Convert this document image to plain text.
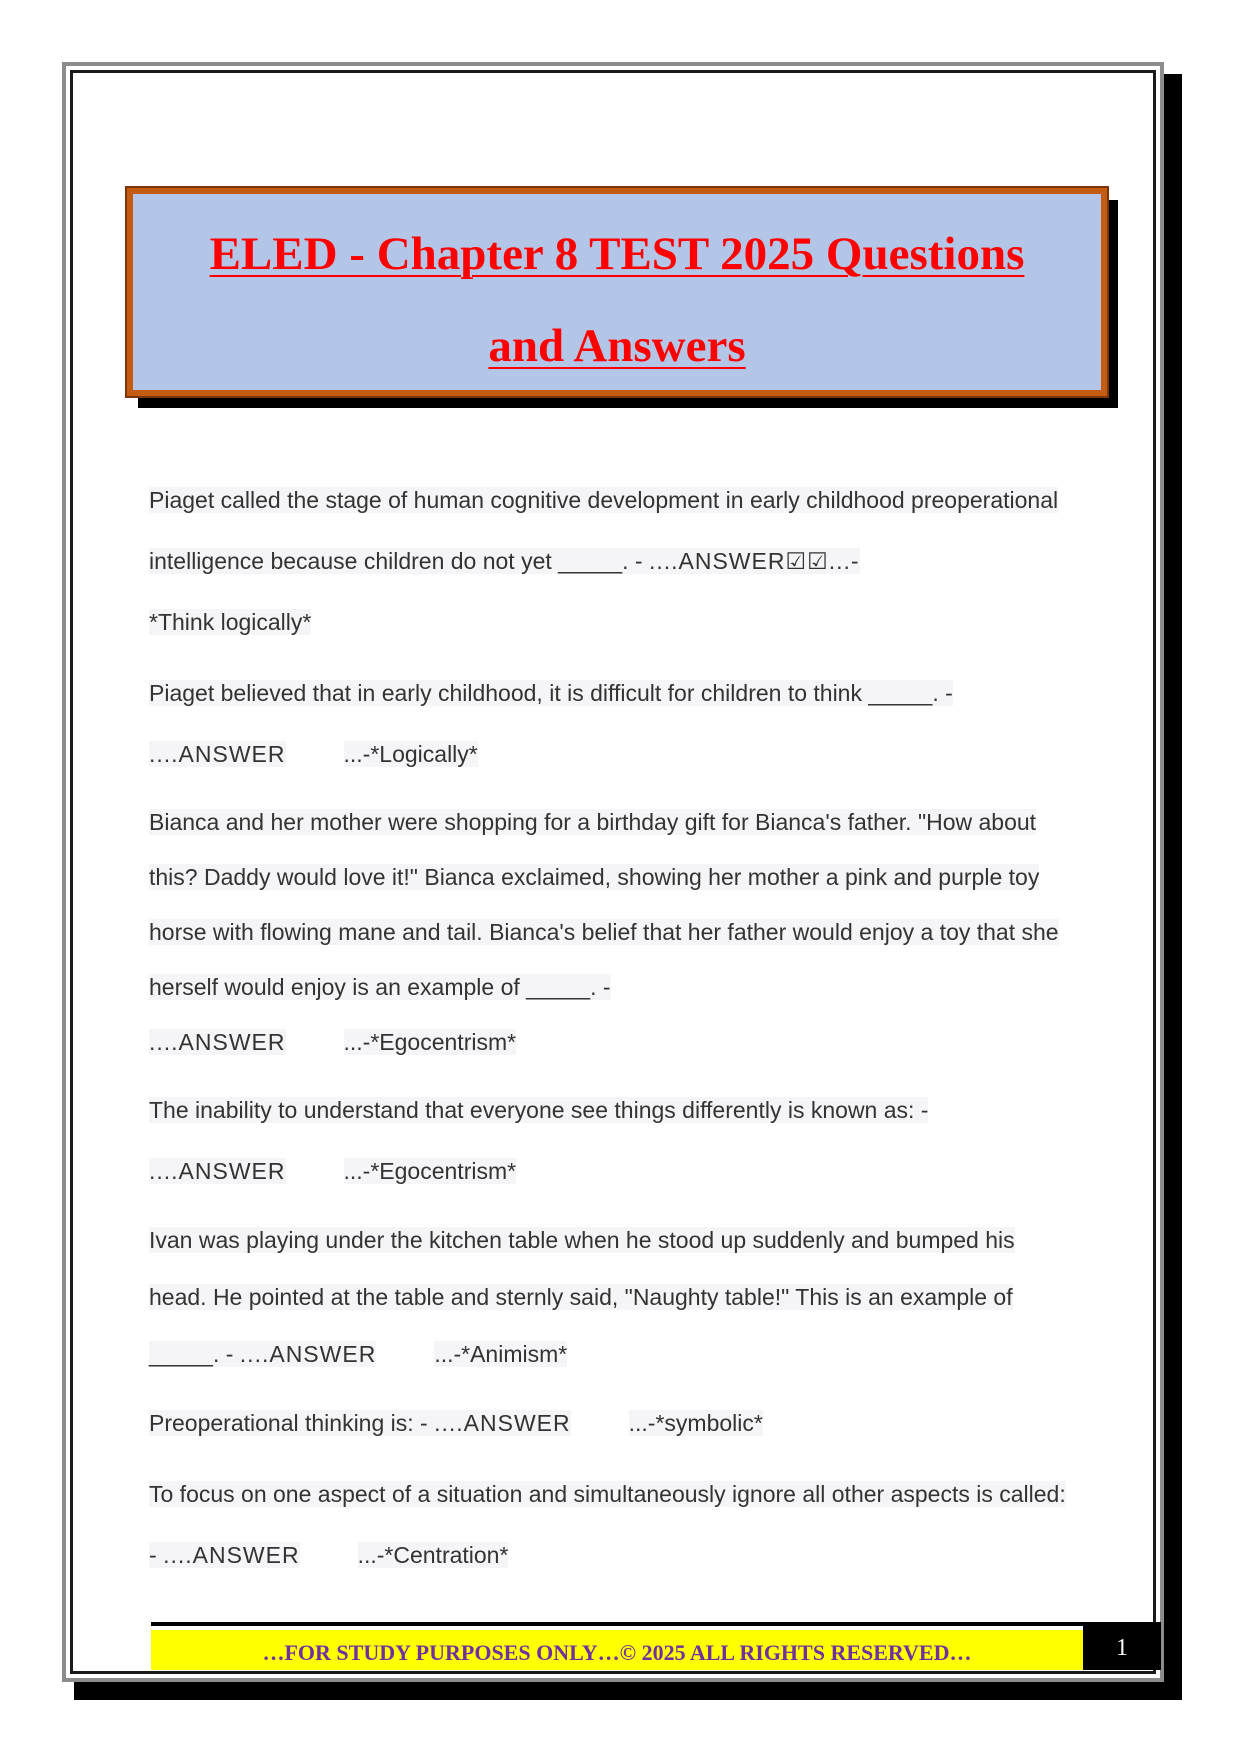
ELED - Chapter 8 TEST 2025 Questions
and Answers

Piaget called the stage of human cognitive development in early childhood preoperational intelligence because children do not yet _____. - ....ANSWER☑☑...-
*Think logically*

Piaget believed that in early childhood, it is difficult for children to think _____. -
....ANSWER	...-*Logically*

Bianca and her mother were shopping for a birthday gift for Bianca's father. "How about this? Daddy would love it!" Bianca exclaimed, showing her mother a pink and purple toy horse with flowing mane and tail. Bianca's belief that her father would enjoy a toy that she herself would enjoy is an example of _____. -
....ANSWER	...-*Egocentrism*

The inability to understand that everyone see things differently is known as: -
....ANSWER	...-*Egocentrism*

Ivan was playing under the kitchen table when he stood up suddenly and bumped his head. He pointed at the table and sternly said, "Naughty table!" This is an example of _____. - ....ANSWER	...-*Animism*

Preoperational thinking is: - ....ANSWER	...-*symbolic*

To focus on one aspect of a situation and simultaneously ignore all other aspects is called: - ....ANSWER	...-*Centration*

…FOR STUDY PURPOSES ONLY…© 2025 ALL RIGHTS RESERVED…	1
